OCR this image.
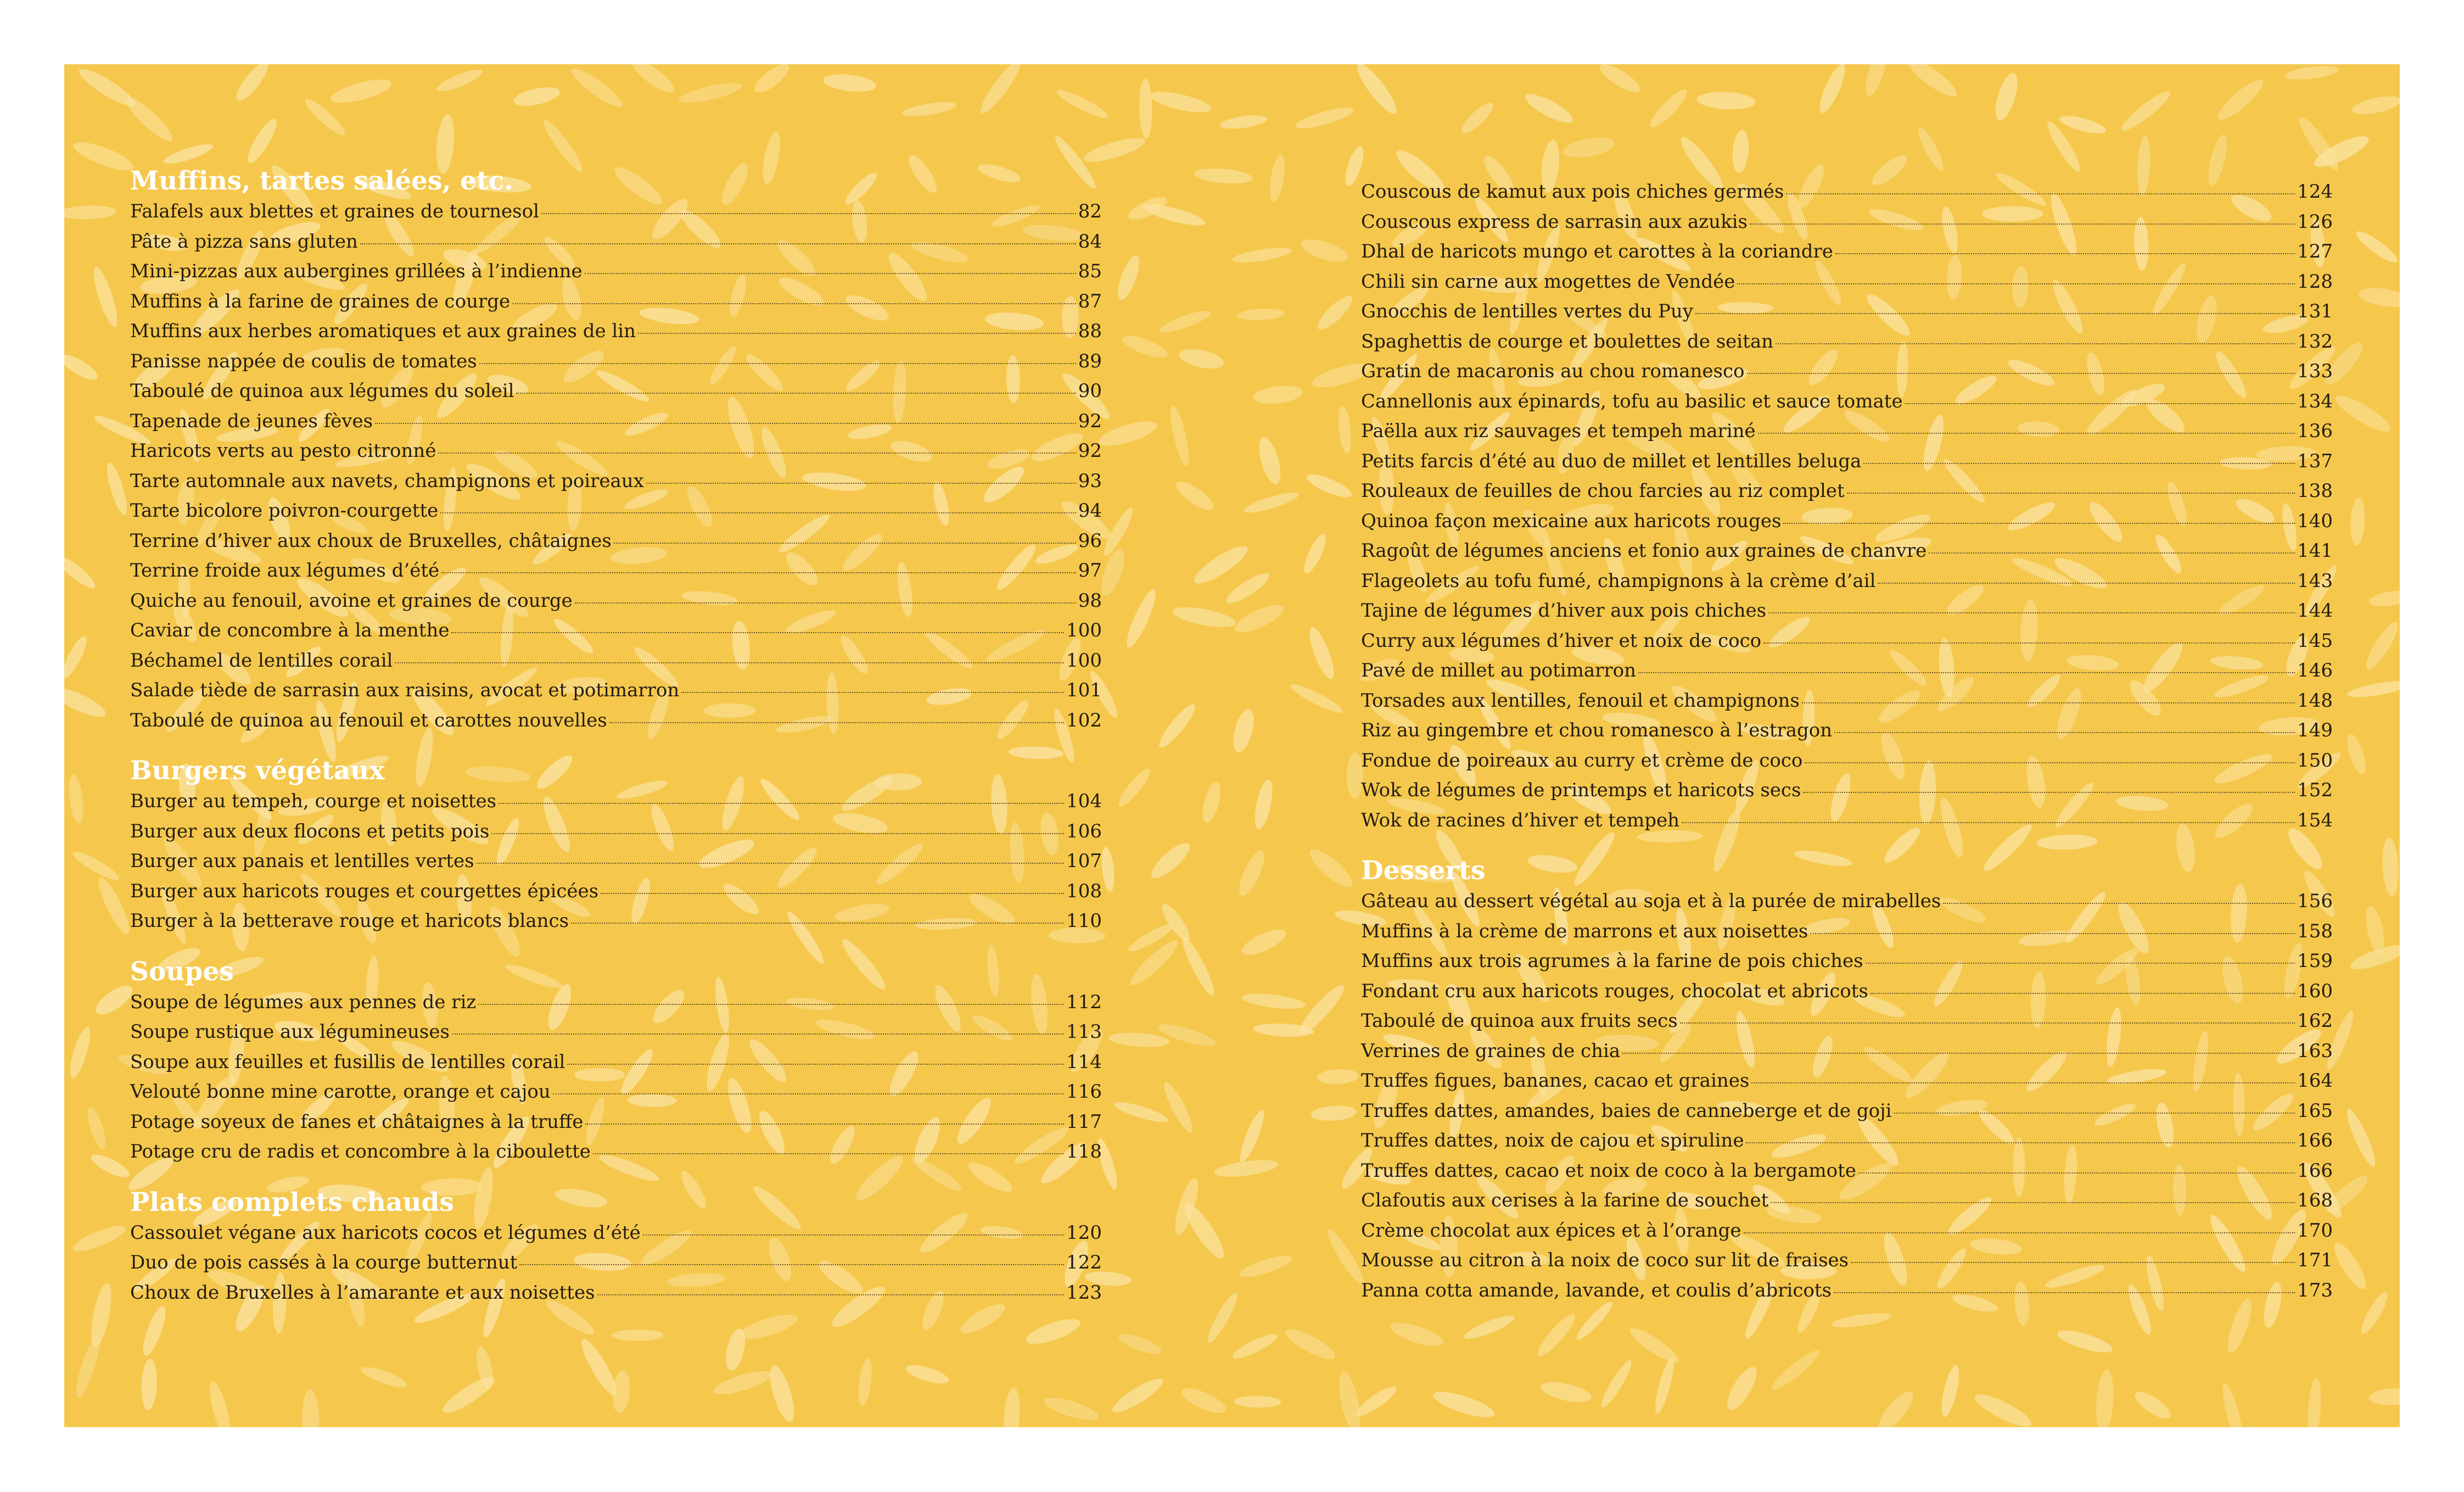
Muffins, tartes salées, etc.
Falafels aux blettes et graines de tournesol	82
Pâte à pizza sans gluten	84
Mini-pizzas aux aubergines grillées à l’indienne	85
Muffins à la farine de graines de courge	87
Muffins aux herbes aromatiques et aux graines de lin	88
Panisse nappée de coulis de tomates	89
Taboulé de quinoa aux légumes du soleil	90
Tapenade de jeunes fèves	92
Haricots verts au pesto citronné	92
Tarte automnale aux navets, champignons et poireaux	93
Tarte bicolore poivron-courgette	94
Terrine d’hiver aux choux de Bruxelles, châtaignes	96
Terrine froide aux légumes d’été	97
Quiche au fenouil, avoine et graines de courge	98
Caviar de concombre à la menthe	100
Béchamel de lentilles corail	100
Salade tiède de sarrasin aux raisins, avocat et potimarron	101
Taboulé de quinoa au fenouil et carottes nouvelles	102
Burgers végétaux
Burger au tempeh, courge et noisettes	104
Burger aux deux flocons et petits pois	106
Burger aux panais et lentilles vertes	107
Burger aux haricots rouges et courgettes épicées	108
Burger à la betterave rouge et haricots blancs	110
Soupes
Soupe de légumes aux pennes de riz	112
Soupe rustique aux légumineuses	113
Soupe aux feuilles et fusillis de lentilles corail	114
Velouté bonne mine carotte, orange et cajou	116
Potage soyeux de fanes et châtaignes à la truffe	117
Potage cru de radis et concombre à la ciboulette	118
Plats complets chauds
Cassoulet végane aux haricots cocos et légumes d’été	120
Duo de pois cassés à la courge butternut	122
Choux de Bruxelles à l’amarante et aux noisettes	123
Couscous de kamut aux pois chiches germés	124
Couscous express de sarrasin aux azukis	126
Dhal de haricots mungo et carottes à la coriandre	127
Chili sin carne aux mogettes de Vendée	128
Gnocchis de lentilles vertes du Puy	131
Spaghettis de courge et boulettes de seitan	132
Gratin de macaronis au chou romanesco	133
Cannellonis aux épinards, tofu au basilic et sauce tomate	134
Paëlla aux riz sauvages et tempeh mariné	136
Petits farcis d’été au duo de millet et lentilles beluga	137
Rouleaux de feuilles de chou farcies au riz complet	138
Quinoa façon mexicaine aux haricots rouges	140
Ragoût de légumes anciens et fonio aux graines de chanvre	141
Flageolets au tofu fumé, champignons à la crème d’ail	143
Tajine de légumes d’hiver aux pois chiches	144
Curry aux légumes d’hiver et noix de coco	145
Pavé de millet au potimarron	146
Torsades aux lentilles, fenouil et champignons	148
Riz au gingembre et chou romanesco à l’estragon	149
Fondue de poireaux au curry et crème de coco	150
Wok de légumes de printemps et haricots secs	152
Wok de racines d’hiver et tempeh	154
Desserts
Gâteau au dessert végétal au soja et à la purée de mirabelles	156
Muffins à la crème de marrons et aux noisettes	158
Muffins aux trois agrumes à la farine de pois chiches	159
Fondant cru aux haricots rouges, chocolat et abricots	160
Taboulé de quinoa aux fruits secs	162
Verrines de graines de chia	163
Truffes figues, bananes, cacao et graines	164
Truffes dattes, amandes, baies de canneberge et de goji	165
Truffes dattes, noix de cajou et spiruline	166
Truffes dattes, cacao et noix de coco à la bergamote	166
Clafoutis aux cerises à la farine de souchet	168
Crème chocolat aux épices et à l’orange	170
Mousse au citron à la noix de coco sur lit de fraises	171
Panna cotta amande, lavande, et coulis d’abricots	173
